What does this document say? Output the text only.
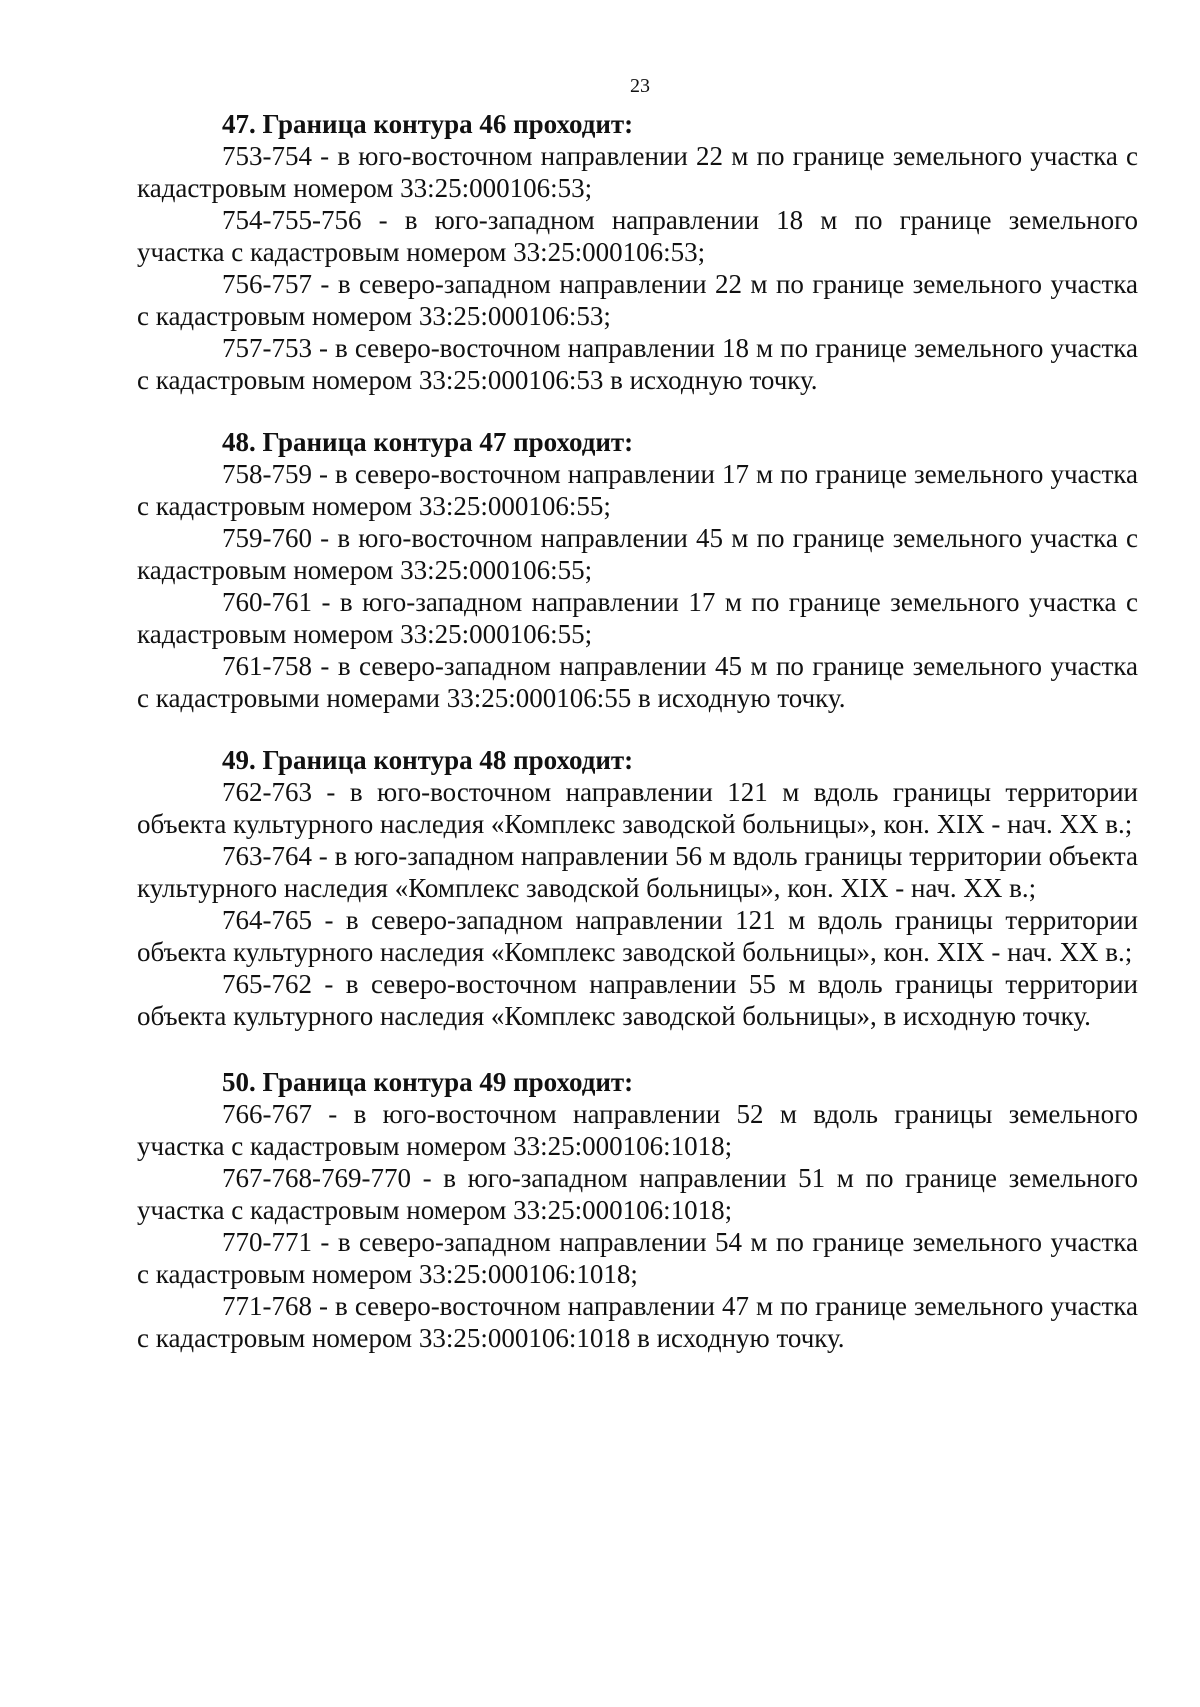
23

47. Граница контура 46 проходит:

753-754 - в юго-восточном направлении 22 м по границе земельного участка с кадастровым номером 33:25:000106:53;

754-755-756 - в юго-западном направлении 18 м по границе земельного участка с кадастровым номером 33:25:000106:53;

756-757 - в северо-западном направлении 22 м по границе земельного участка с кадастровым номером 33:25:000106:53;

757-753 - в северо-восточном направлении 18 м по границе земельного участка с кадастровым номером 33:25:000106:53 в исходную точку.

48. Граница контура 47 проходит:

758-759 - в северо-восточном направлении 17 м по границе земельного участка с кадастровым номером 33:25:000106:55;

759-760 - в юго-восточном направлении 45 м по границе земельного участка с кадастровым номером 33:25:000106:55;

760-761 - в юго-западном направлении 17 м по границе земельного участка с кадастровым номером 33:25:000106:55;

761-758 - в северо-западном направлении 45 м по границе земельного участка с кадастровыми номерами 33:25:000106:55 в исходную точку.

49. Граница контура 48 проходит:

762-763 - в юго-восточном направлении 121 м вдоль границы территории объекта культурного наследия «Комплекс заводской больницы», кон. XIX - нач. XX в.;

763-764 - в юго-западном направлении 56 м вдоль границы территории объекта культурного наследия «Комплекс заводской больницы», кон. XIX - нач. XX в.;

764-765 - в северо-западном направлении 121 м вдоль границы территории объекта культурного наследия «Комплекс заводской больницы», кон. XIX - нач. XX в.;

765-762 - в северо-восточном направлении 55 м вдоль границы территории объекта культурного наследия «Комплекс заводской больницы», в исходную точку.

50. Граница контура 49 проходит:

766-767 - в юго-восточном направлении 52 м вдоль границы земельного участка с кадастровым номером 33:25:000106:1018;

767-768-769-770 - в юго-западном направлении 51 м по границе земельного участка с кадастровым номером 33:25:000106:1018;

770-771 - в северо-западном направлении 54 м по границе земельного участка с кадастровым номером 33:25:000106:1018;

771-768 - в северо-восточном направлении 47 м по границе земельного участка с кадастровым номером 33:25:000106:1018 в исходную точку.
